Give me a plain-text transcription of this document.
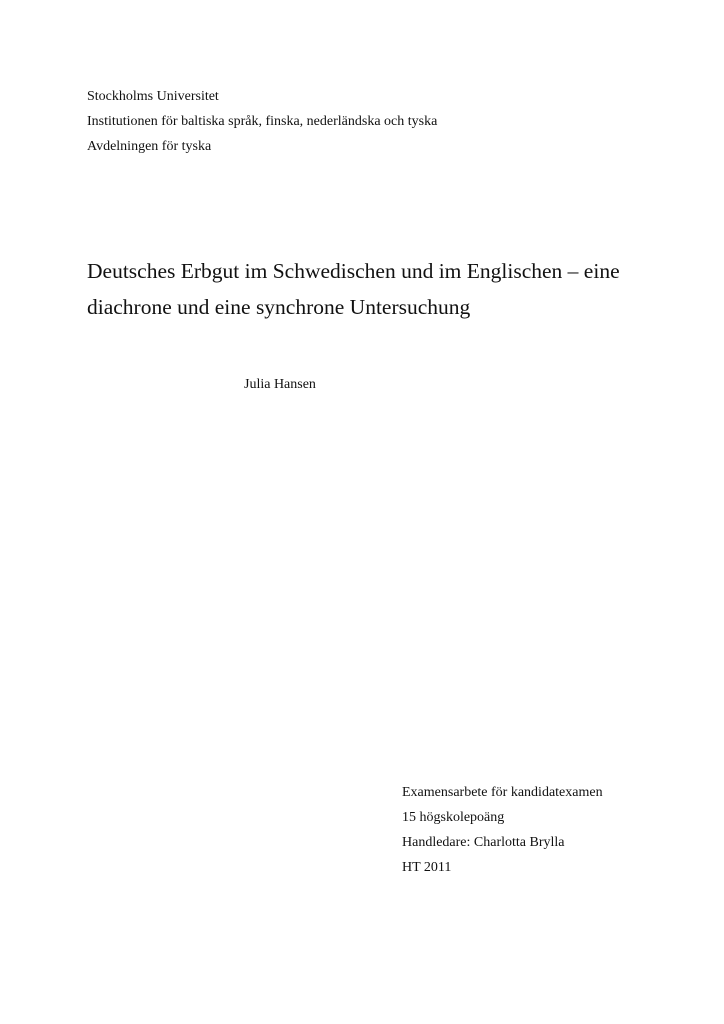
Stockholms Universitet
Institutionen för baltiska språk, finska, nederländska och tyska
Avdelningen för tyska
Deutsches Erbgut im Schwedischen und im Englischen – eine
diachrone und eine synchrone Untersuchung
Julia Hansen
Examensarbete för kandidatexamen
15 högskolepoäng
Handledare: Charlotta Brylla
HT 2011
